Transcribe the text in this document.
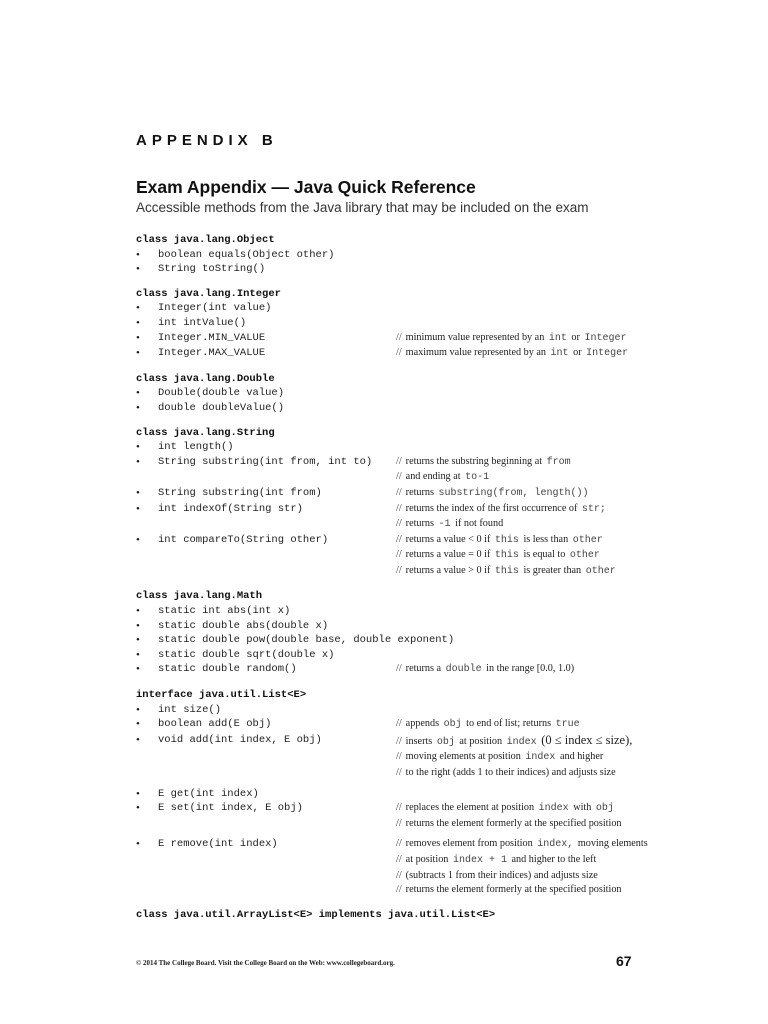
APPENDIX B
Exam Appendix — Java Quick Reference
Accessible methods from the Java library that may be included on the exam
class java.lang.Object
•	boolean equals(Object other)
•	String toString()
class java.lang.Integer
•	Integer(int value)
•	int intValue()
•	Integer.MIN_VALUE	// minimum value represented by an int or Integer
•	Integer.MAX_VALUE	// maximum value represented by an int or Integer
class java.lang.Double
•	Double(double value)
•	double doubleValue()
class java.lang.String
•	int length()
•	String substring(int from, int to)	// returns the substring beginning at from
// and ending at to-1
•	String substring(int from)	// returns substring(from, length())
•	int indexOf(String str)	// returns the index of the first occurrence of str;
// returns -1 if not found
•	int compareTo(String other)	// returns a value < 0 if this is less than other
// returns a value = 0 if this is equal to other
// returns a value > 0 if this is greater than other
class java.lang.Math
•	static int abs(int x)
•	static double abs(double x)
•	static double pow(double base, double exponent)
•	static double sqrt(double x)
•	static double random()	// returns a double in the range [0.0, 1.0)
interface java.util.List<E>
•	int size()
•	boolean add(E obj)	// appends obj to end of list; returns true
•	void add(int index, E obj)	// inserts obj at position index (0 ≤ index ≤ size),
// moving elements at position index and higher
// to the right (adds 1 to their indices) and adjusts size
•	E get(int index)
•	E set(int index, E obj)	// replaces the element at position index with obj
// returns the element formerly at the specified position
•	E remove(int index)	// removes element from position index, moving elements
// at position index + 1 and higher to the left
// (subtracts 1 from their indices) and adjusts size
// returns the element formerly at the specified position
class java.util.ArrayList<E> implements java.util.List<E>
© 2014 The College Board. Visit the College Board on the Web: www.collegeboard.org.	67
